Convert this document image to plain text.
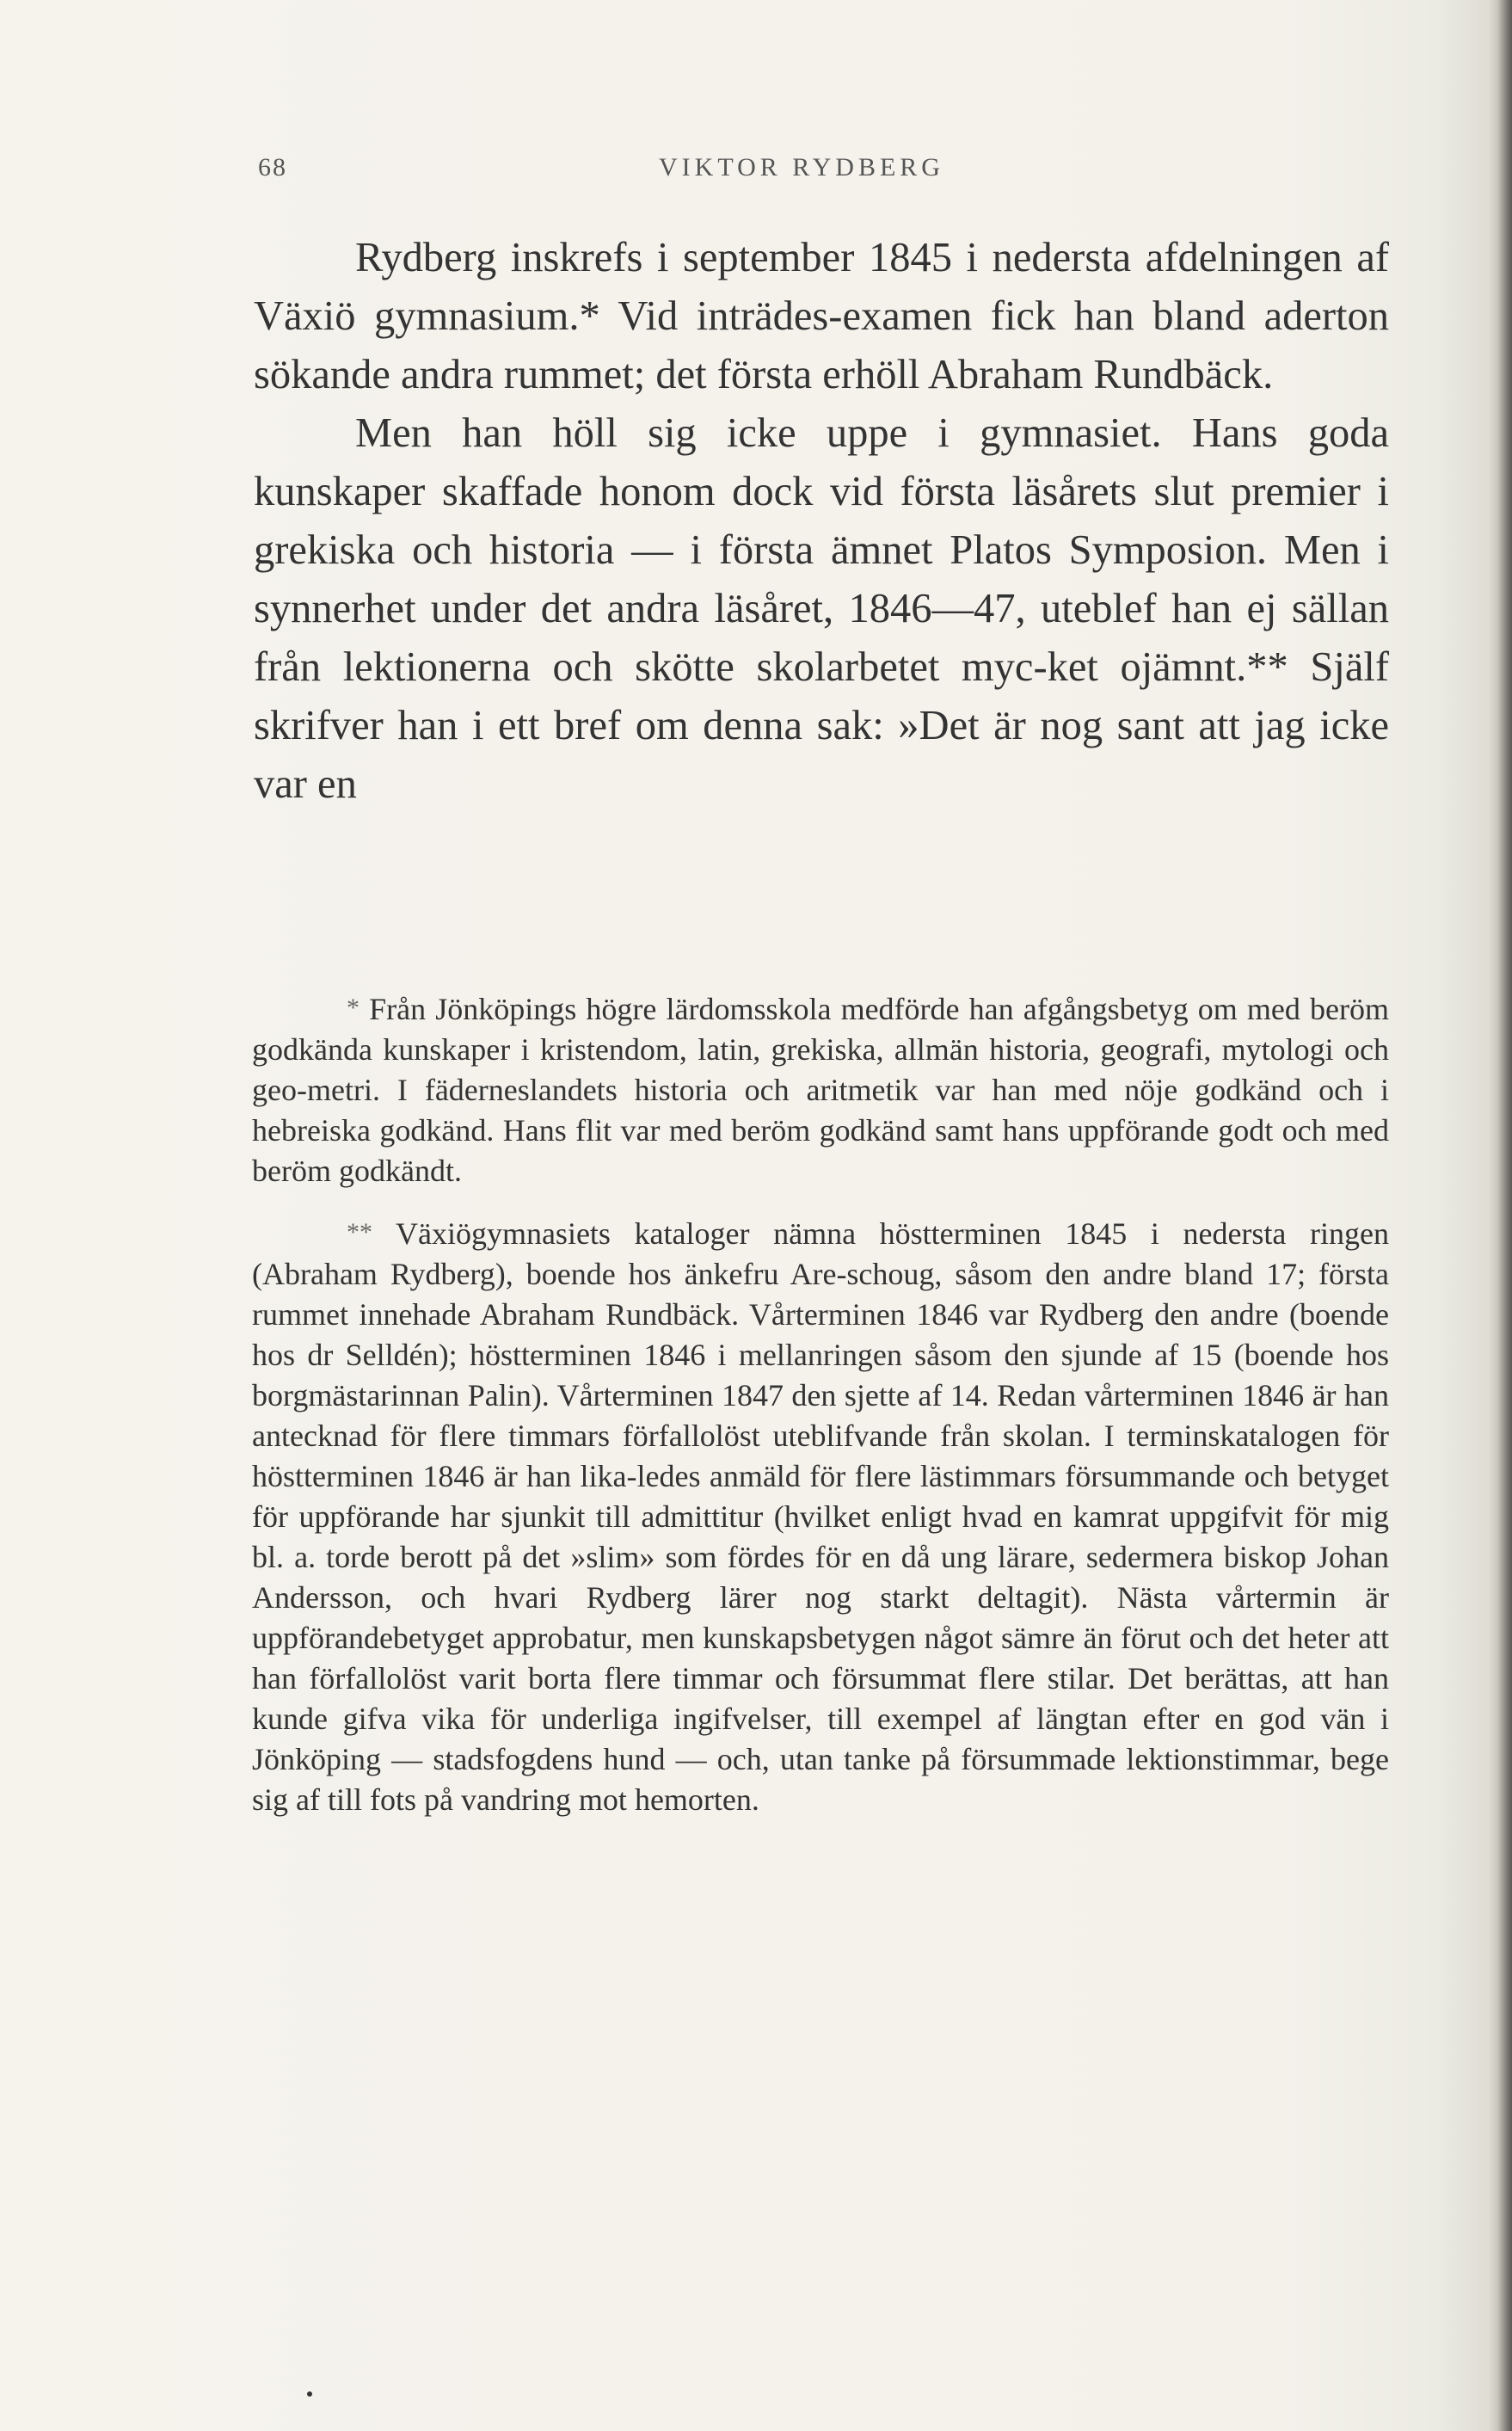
68	VIKTOR RYDBERG

Rydberg inskrefs i september 1845 i nedersta afdelningen af Växiö gymnasium.* Vid inträdes-examen fick han bland aderton sökande andra rummet; det första erhöll Abraham Rundbäck.

Men han höll sig icke uppe i gymnasiet. Hans goda kunskaper skaffade honom dock vid första läsårets slut premier i grekiska och historia — i första ämnet Platos Symposion. Men i synnerhet under det andra läsåret, 1846—47, uteblef han ej sällan från lektionerna och skötte skolarbetet myc-ket ojämnt.** Själf skrifver han i ett bref om denna sak: »Det är nog sant att jag icke var en

* Från Jönköpings högre lärdomsskola medförde han afgångsbetyg om med beröm godkända kunskaper i kristendom, latin, grekiska, allmän historia, geografi, mytologi och geo-metri. I fäderneslandets historia och aritmetik var han med nöje godkänd och i hebreiska godkänd. Hans flit var med beröm godkänd samt hans uppförande godt och med beröm godkändt.

** Växiögymnasiets kataloger nämna höstterminen 1845 i nedersta ringen (Abraham Rydberg), boende hos änkefru Are-schoug, såsom den andre bland 17; första rummet innehade Abraham Rundbäck. Vårterminen 1846 var Rydberg den andre (boende hos dr Selldén); höstterminen 1846 i mellanringen såsom den sjunde af 15 (boende hos borgmästarinnan Palin). Vårterminen 1847 den sjette af 14. Redan vårterminen 1846 är han antecknad för flere timmars förfallolöst uteblifvande från skolan. I terminskatalogen för höstterminen 1846 är han lika-ledes anmäld för flere lästimmars försummande och betyget för uppförande har sjunkit till admittitur (hvilket enligt hvad en kamrat uppgifvit för mig bl. a. torde berott på det »slim» som fördes för en då ung lärare, sedermera biskop Johan Andersson, och hvari Rydberg lärer nog starkt deltagit). Nästa vårtermin är uppförandebetyget approbatur, men kunskapsbetygen något sämre än förut och det heter att han förfallolöst varit borta flere timmar och försummat flere stilar. Det berättas, att han kunde gifva vika för underliga ingifvelser, till exempel af längtan efter en god vän i Jönköping — stadsfogdens hund — och, utan tanke på försummade lektionstimmar, bege sig af till fots på vandring mot hemorten.
